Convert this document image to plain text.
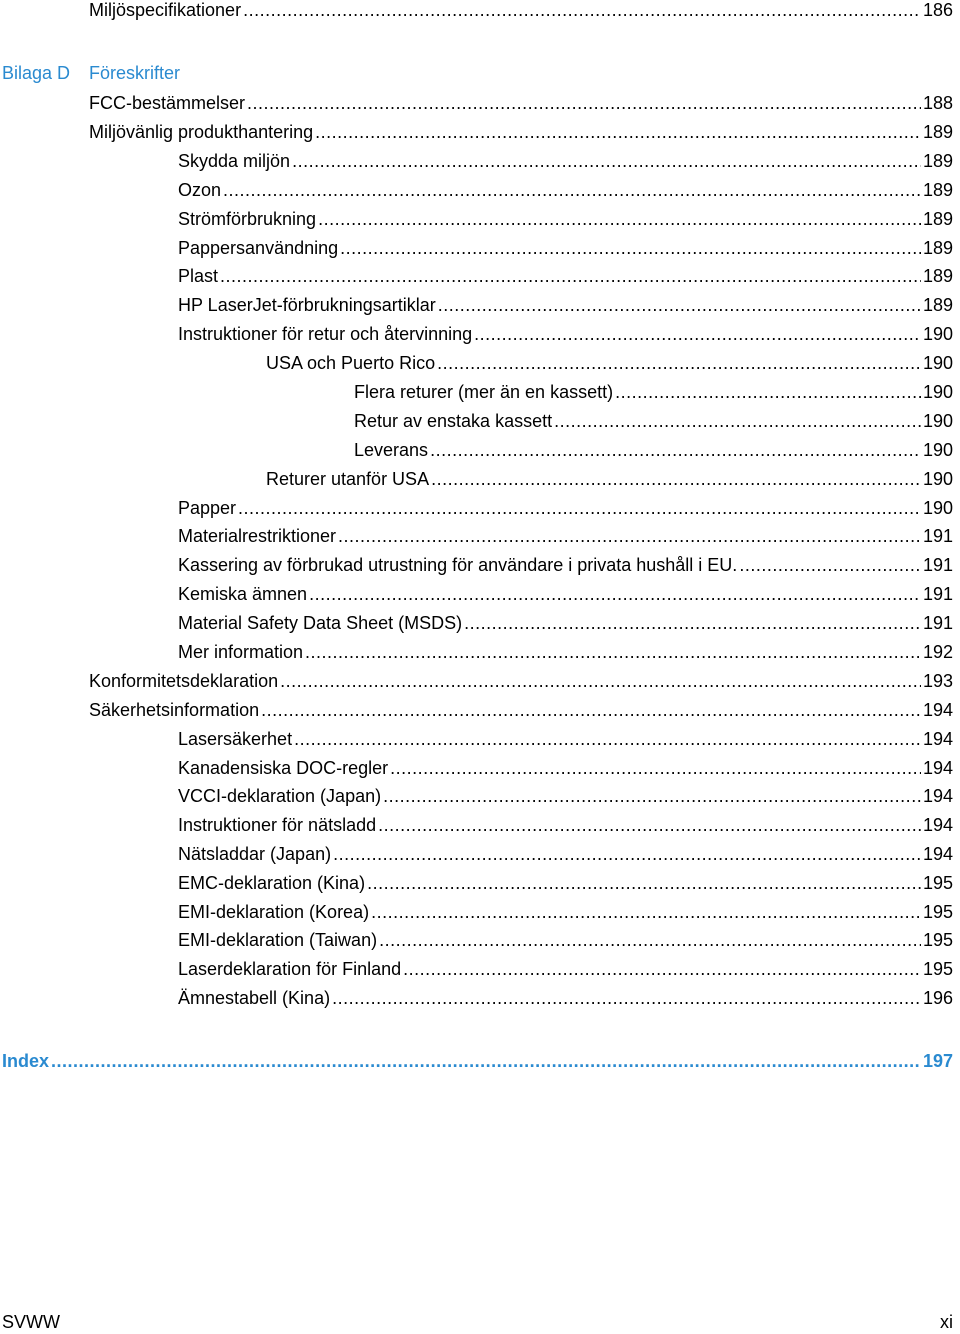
Miljöspecifikationer .....	186
Bilaga D Föreskrifter
FCC-bestämmelser .....	188
Miljövänlig produkthantering .....	189
Skydda miljön .....	189
Ozon .....	189
Strömförbrukning .....	189
Pappersanvändning .....	189
Plast .....	189
HP LaserJet-förbrukningsartiklar .....	189
Instruktioner för retur och återvinning .....	190
USA och Puerto Rico .....	190
Flera returer (mer än en kassett) .....	190
Retur av enstaka kassett .....	190
Leverans .....	190
Returer utanför USA .....	190
Papper .....	190
Materialrestriktioner .....	191
Kassering av förbrukad utrustning för användare i privata hushåll i EU. .....	191
Kemiska ämnen .....	191
Material Safety Data Sheet (MSDS) .....	191
Mer information .....	192
Konformitetsdeklaration .....	193
Säkerhetsinformation .....	194
Lasersäkerhet .....	194
Kanadensiska DOC-regler .....	194
VCCI-deklaration (Japan) .....	194
Instruktioner för nätsladd .....	194
Nätsladdar (Japan) .....	194
EMC-deklaration (Kina) .....	195
EMI-deklaration (Korea) .....	195
EMI-deklaration (Taiwan) .....	195
Laserdeklaration för Finland .....	195
Ämnestabell (Kina) .....	196
Index .....	197
SVWW	xi
